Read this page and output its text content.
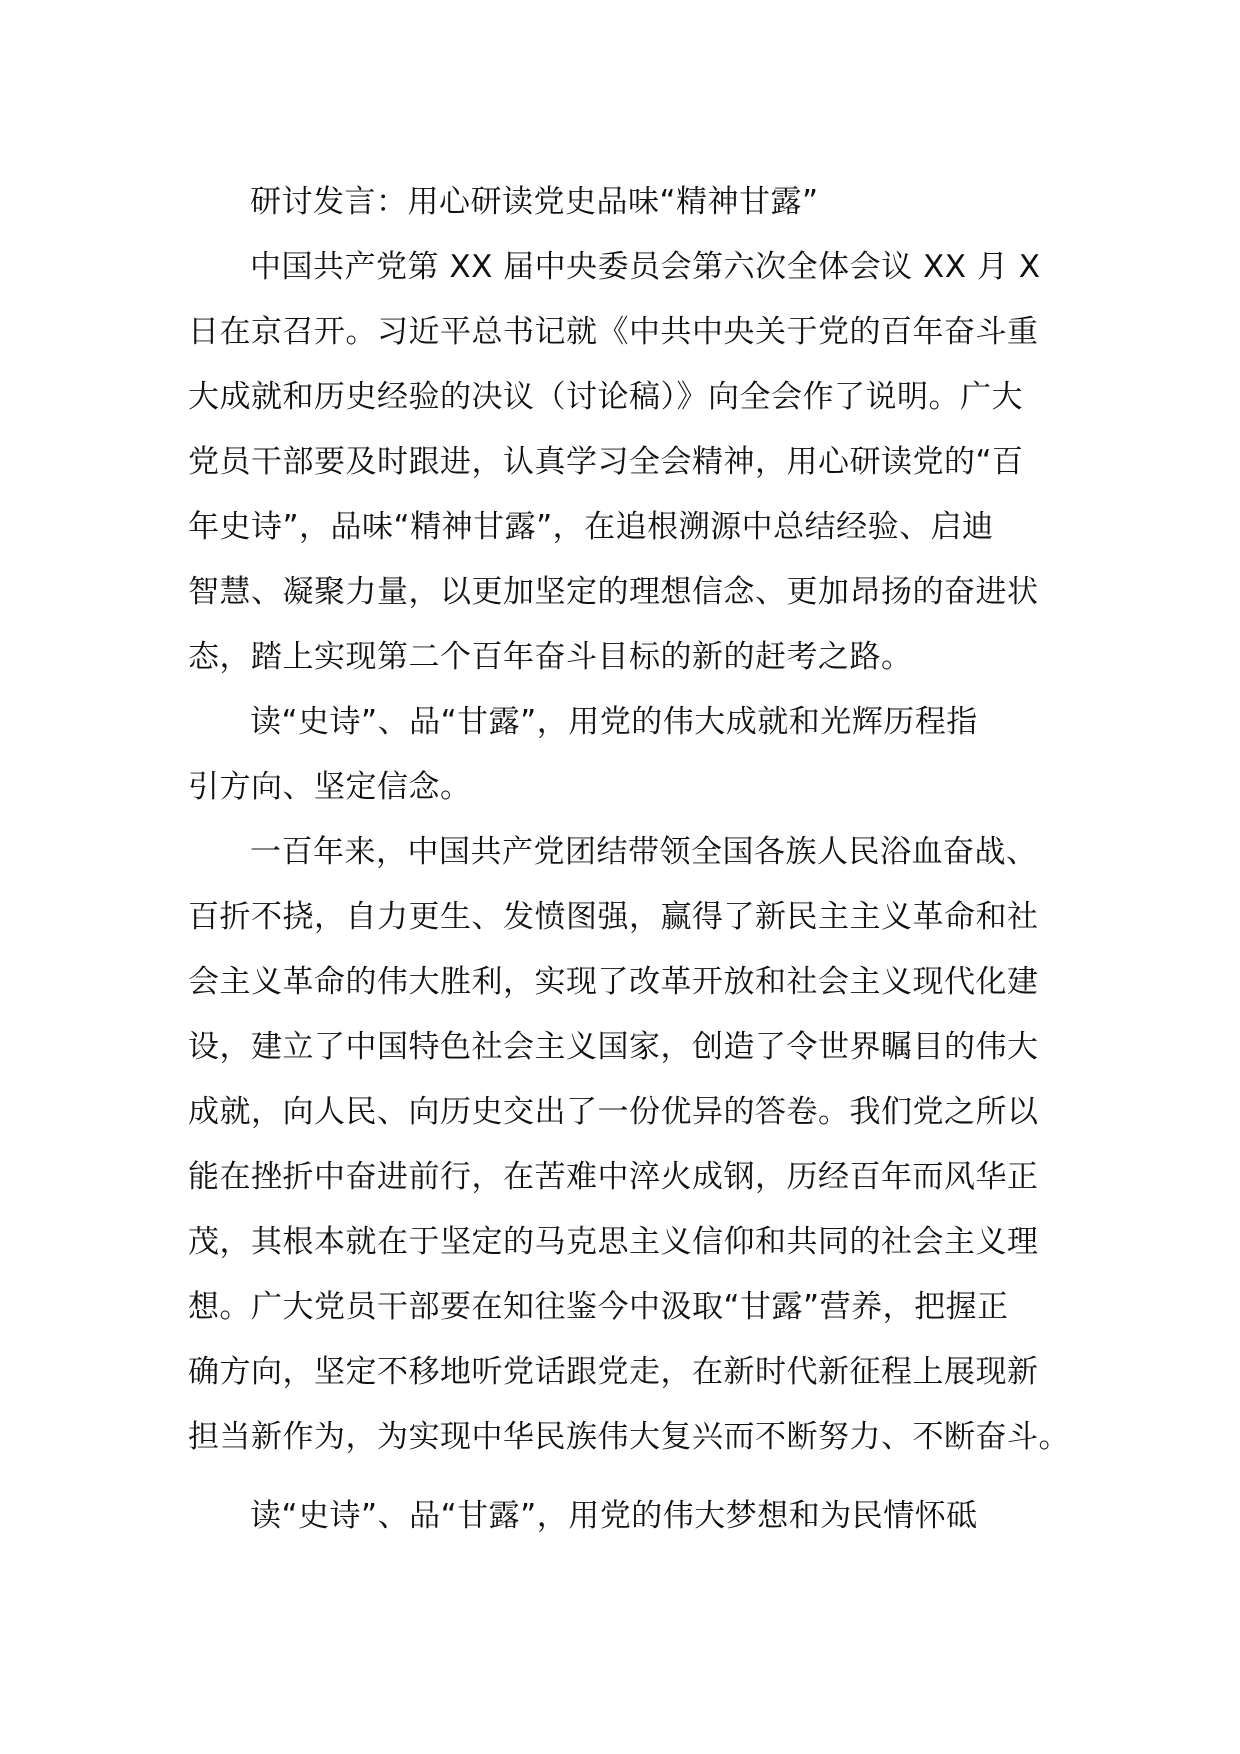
研讨发言：用心研读党史品味“精神甘露”
中国共产党第 XX 届中央委员会第六次全体会议 XX 月 X
日在京召开。习近平总书记就《中共中央关于党的百年奋斗重
大成就和历史经验的决议（讨论稿）》向全会作了说明。广大
党员干部要及时跟进，认真学习全会精神，用心研读党的“百
年史诗”，品味“精神甘露”，在追根溯源中总结经验、启迪
智慧、凝聚力量，以更加坚定的理想信念、更加昂扬的奋进状
态，踏上实现第二个百年奋斗目标的新的赶考之路。
读“史诗”、品“甘露”，用党的伟大成就和光辉历程指
引方向、坚定信念。
一百年来，中国共产党团结带领全国各族人民浴血奋战、
百折不挠，自力更生、发愤图强，赢得了新民主主义革命和社
会主义革命的伟大胜利，实现了改革开放和社会主义现代化建
设，建立了中国特色社会主义国家，创造了令世界瞩目的伟大
成就，向人民、向历史交出了一份优异的答卷。我们党之所以
能在挫折中奋进前行，在苦难中淬火成钢，历经百年而风华正
茂，其根本就在于坚定的马克思主义信仰和共同的社会主义理
想。广大党员干部要在知往鉴今中汲取“甘露”营养，把握正
确方向，坚定不移地听党话跟党走，在新时代新征程上展现新
担当新作为，为实现中华民族伟大复兴而不断努力、不断奋斗。
读“史诗”、品“甘露”，用党的伟大梦想和为民情怀砥
